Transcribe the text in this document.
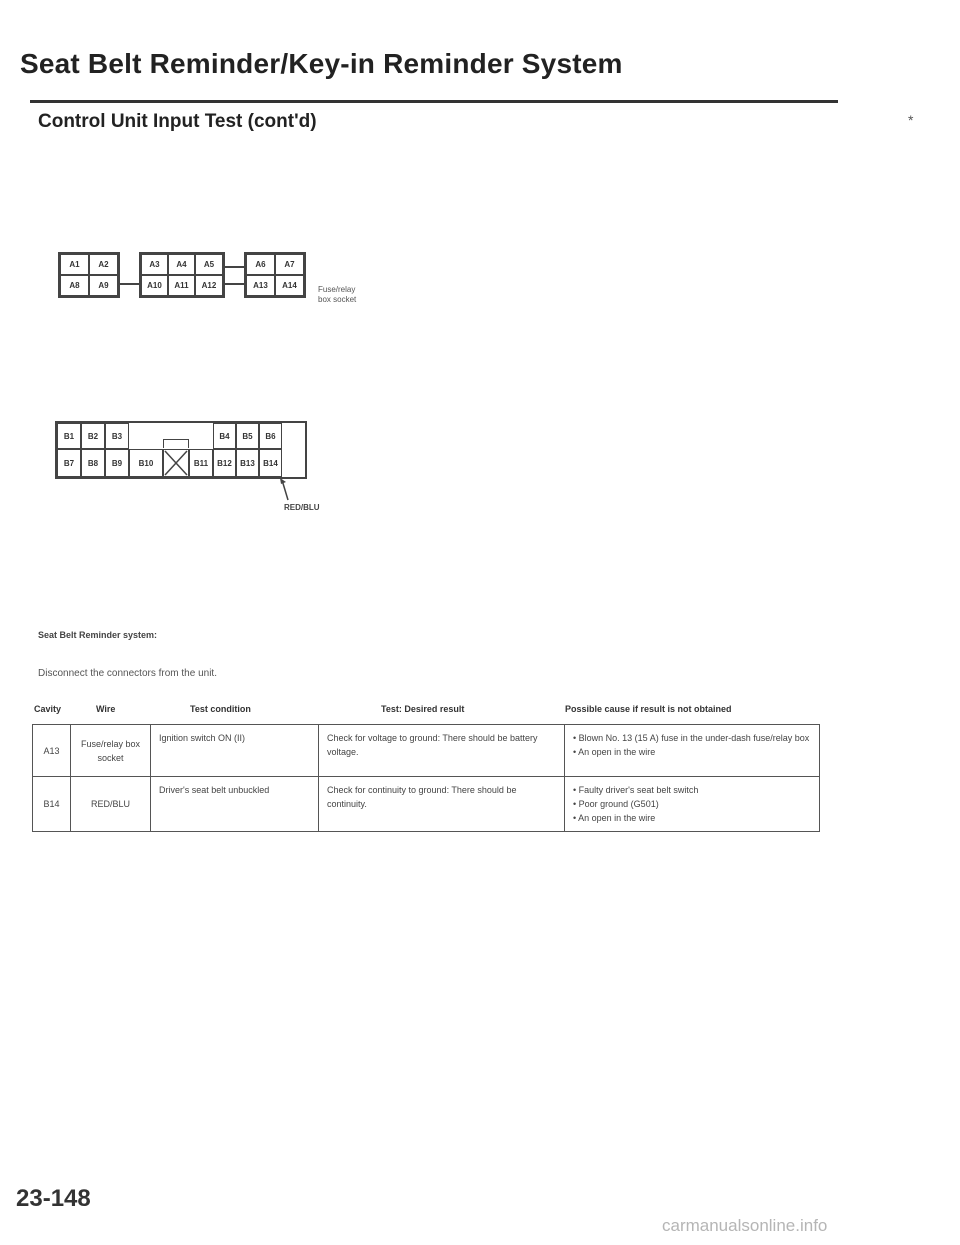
Seat Belt Reminder/Key-in Reminder System
Control Unit Input Test (cont'd)	*
A1	A2	A3	A4	A5	A6	A7
A8	A9	A10	A11	A12	A13	A14	Fuse/relay
box socket
B1	B2	B3	B4	B5	B6
B7	B8	B9	B10	B11	B12	B13	B14
RED/BLU
Seat Belt Reminder system:
Disconnect the connectors from the unit.
Cavity	Wire	Test condition	Test: Desired result	Possible cause if result is not obtained
A13	Fuse/relay box socket	Ignition switch ON (II)	Check for voltage to ground: There should be battery voltage.	• Blown No. 13 (15 A) fuse in the under-dash fuse/relay box
• An open in the wire

B14	RED/BLU	Driver's seat belt unbuckled	Check for continuity to ground: There should be continuity.	• Faulty driver's seat belt switch
• Poor ground (G501)
• An open in the wire
23-148
carmanualsonline.info
